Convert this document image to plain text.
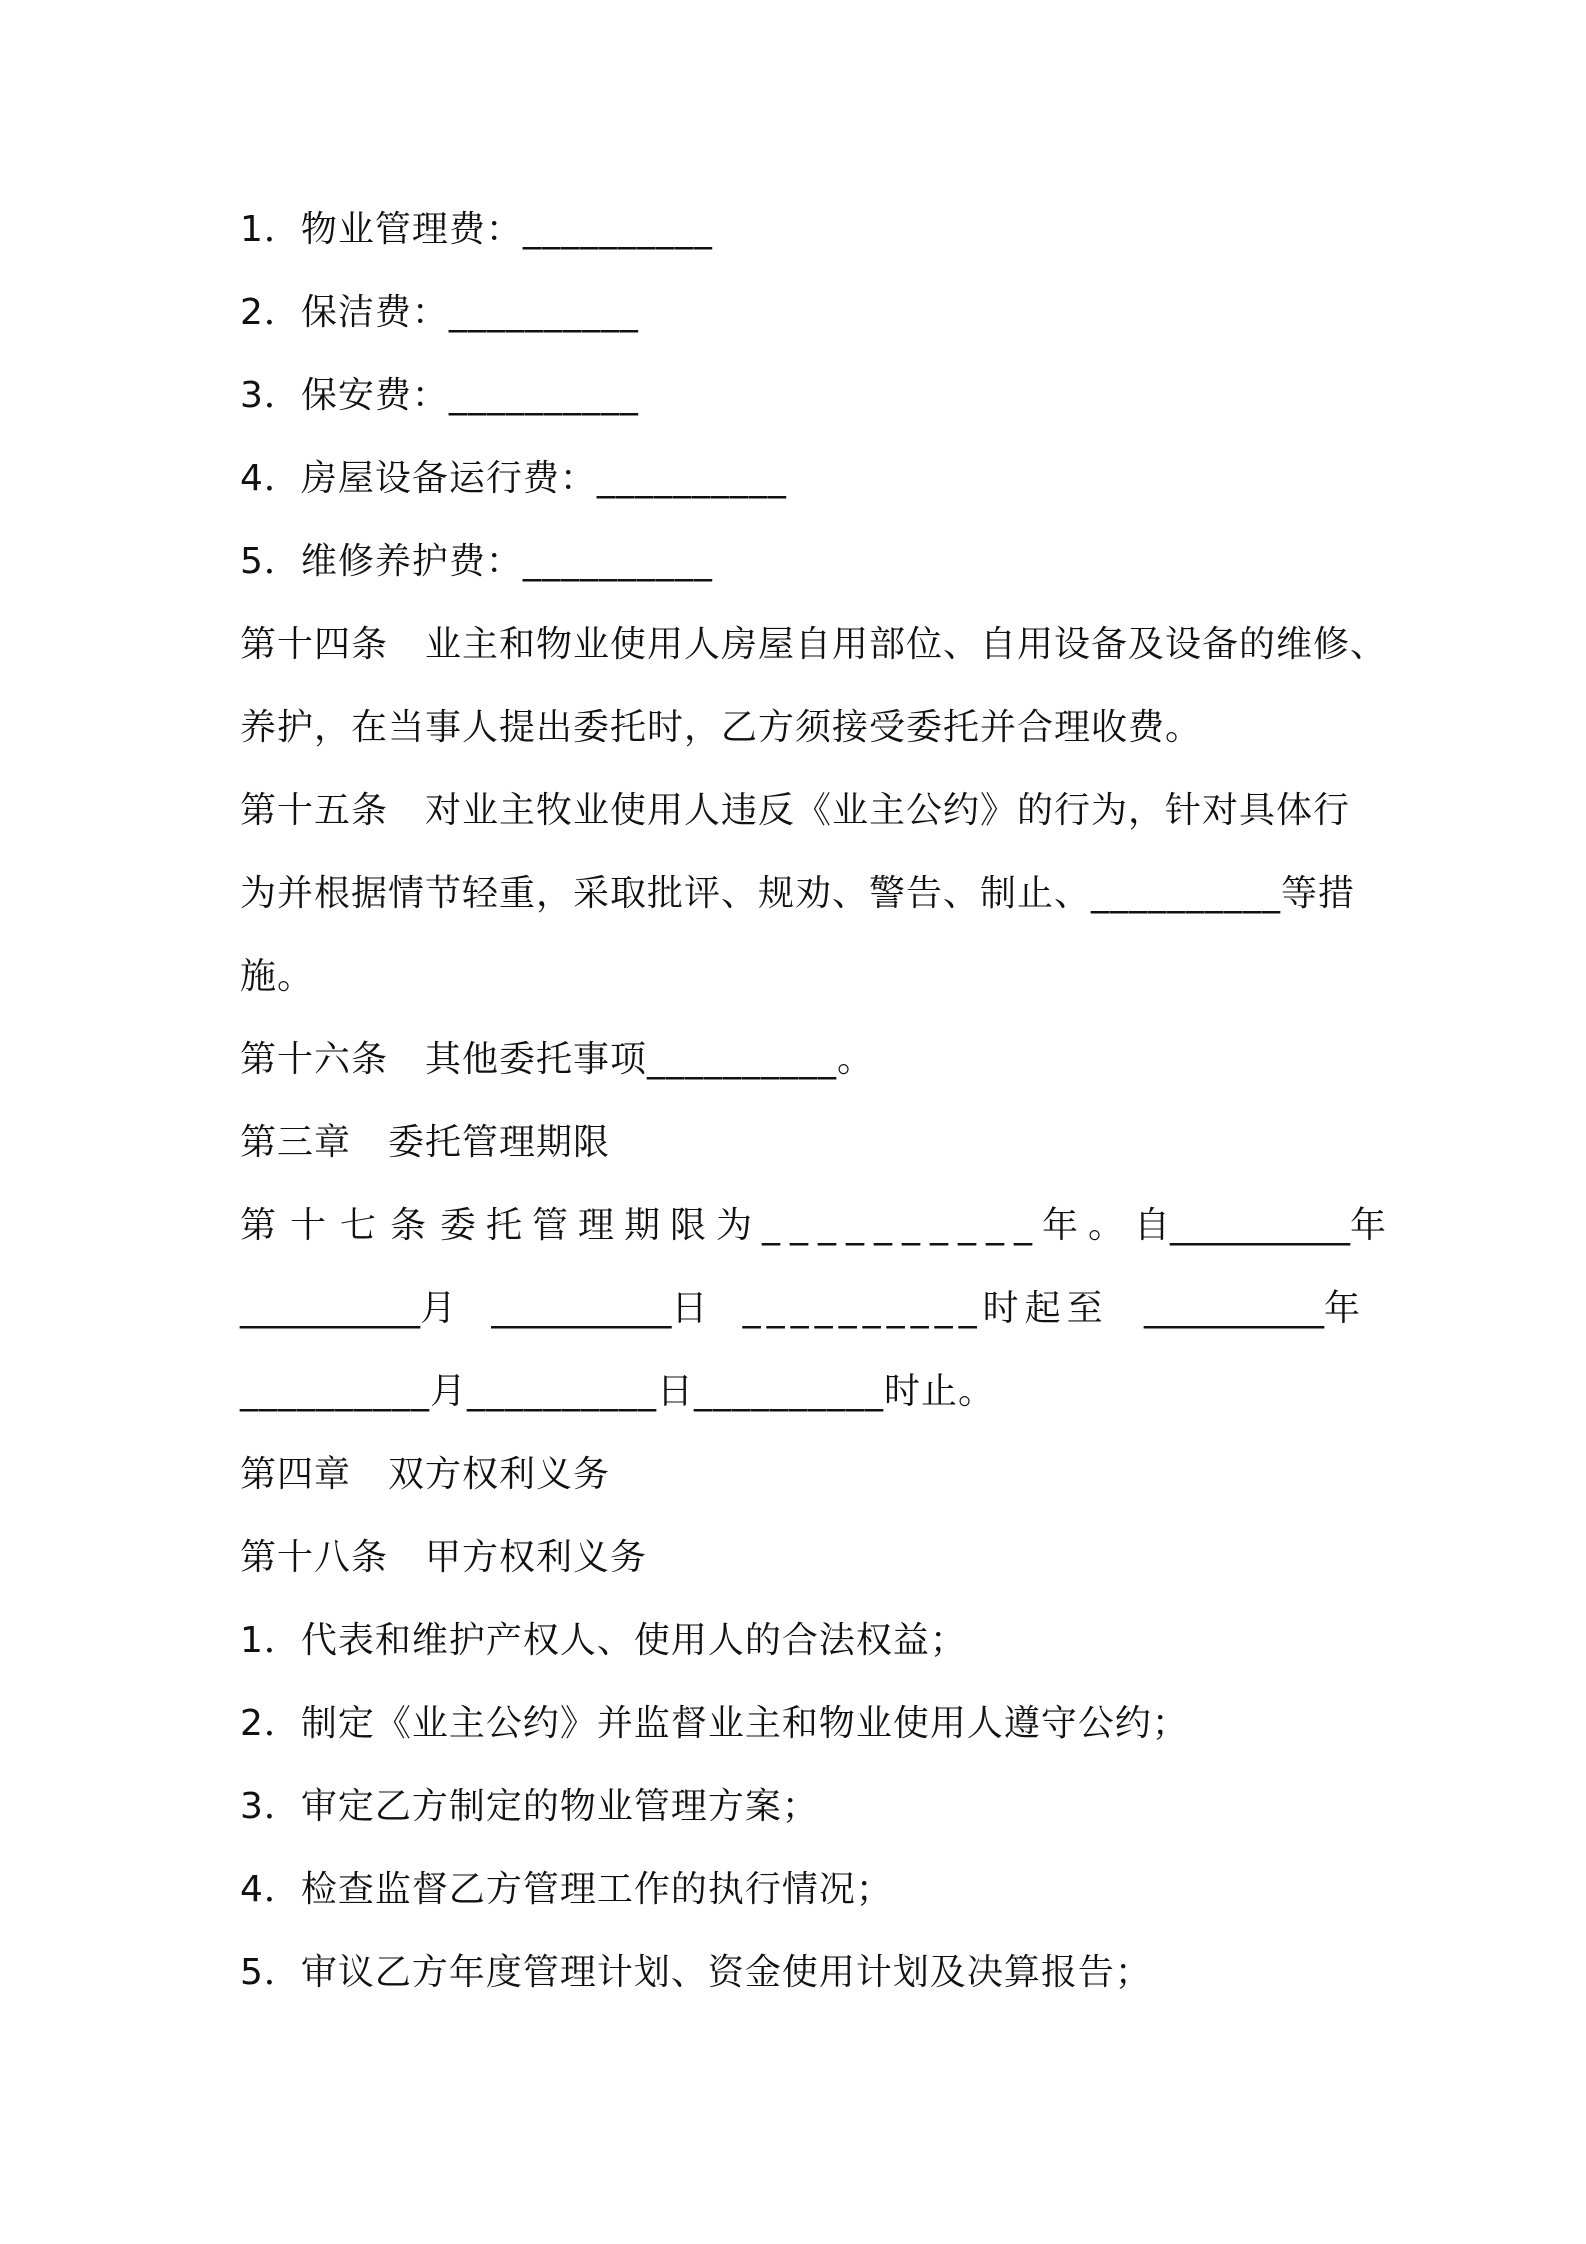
1．物业管理费：__________
2．保洁费：__________
3．保安费：__________
4．房屋设备运行费：__________
5．维修养护费：__________
第十四条　业主和物业使用人房屋自用部位、自用设备及设备的维修、
养护，在当事人提出委托时，乙方须接受委托并合理收费。
第十五条　对业主牧业使用人违反《业主公约》的行为，针对具体行
为并根据情节轻重，采取批评、规劝、警告、制止、__________等措
施。
第十六条　其他委托事项__________。
第三章　委托管理期限
第十七条 委托管理期限为__________年。 自__________年
__________月 __________日 __________时起至 __________年
__________月__________日__________时止。
第四章　双方权利义务
第十八条　甲方权利义务
1．代表和维护产权人、使用人的合法权益；
2．制定《业主公约》并监督业主和物业使用人遵守公约；
3．审定乙方制定的物业管理方案；
4．检查监督乙方管理工作的执行情况；
5．审议乙方年度管理计划、资金使用计划及决算报告；
